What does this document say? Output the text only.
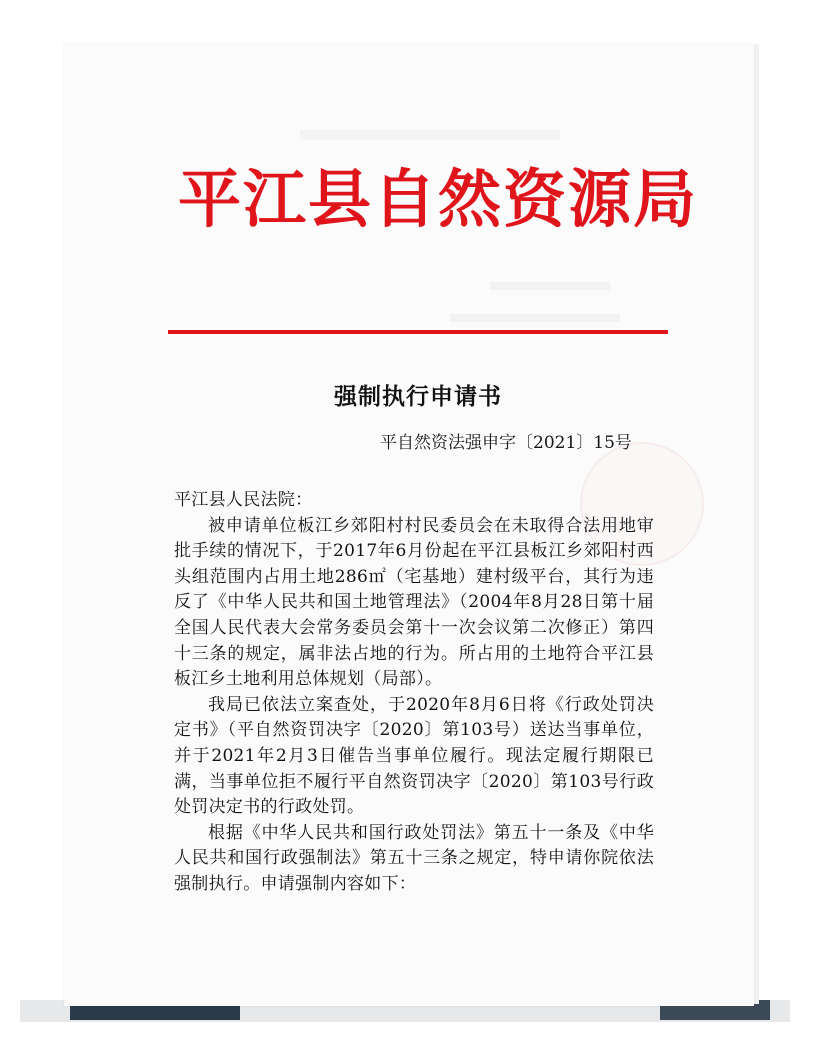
平江县自然资源局
强制执行申请书
平自然资法强申字〔2021〕15号

平江县人民法院：

被申请单位板江乡郊阳村村民委员会在未取得合法用地审批手续的情况下，于2017年6月份起在平江县板江乡郊阳村西头组范围内占用土地286㎡（宅基地）建村级平台，其行为违反了《中华人民共和国土地管理法》（2004年8月28日第十届全国人民代表大会常务委员会第十一次会议第二次修正）第四十三条的规定，属非法占地的行为。所占用的土地符合平江县板江乡土地利用总体规划（局部）。

我局已依法立案查处，于2020年8月6日将《行政处罚决定书》（平自然资罚决字〔2020〕第103号）送达当事单位，并于2021年2月3日催告当事单位履行。现法定履行期限已满，当事单位拒不履行平自然资罚决字〔2020〕第103号行政处罚决定书的行政处罚。

根据《中华人民共和国行政处罚法》第五十一条及《中华人民共和国行政强制法》第五十三条之规定，特申请你院依法强制执行。申请强制内容如下：
